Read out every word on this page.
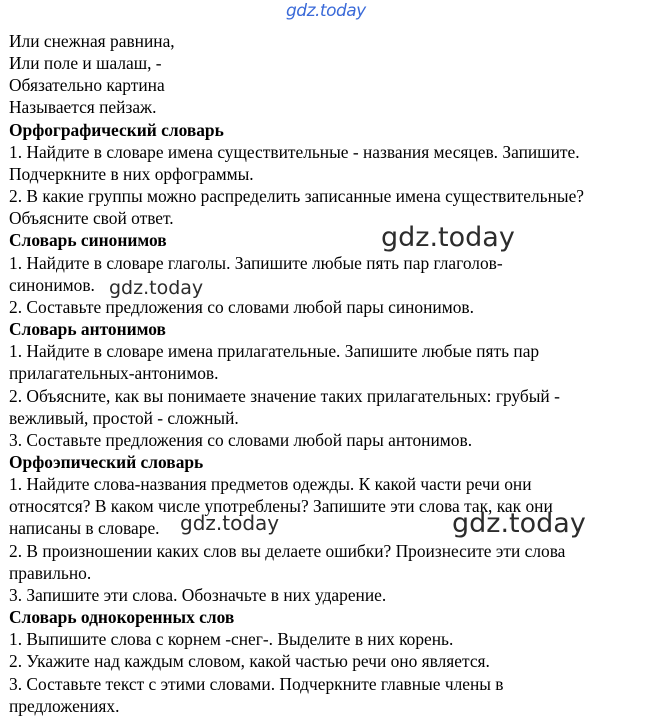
gdz.today
Или снежная равнина,
Или поле и шалаш, -
Обязательно картина
Называется пейзаж.
Орфографический словарь
1. Найдите в словаре имена существительные - названия месяцев. Запишите.
Подчеркните в них орфограммы.
2. В какие группы можно распределить записанные имена существительные?
Объясните свой ответ.
Словарь синонимов
1. Найдите в словаре глаголы. Запишите любые пять пар глаголов-
синонимов.
2. Составьте предложения со словами любой пары синонимов.
Словарь антонимов
1. Найдите в словаре имена прилагательные. Запишите любые пять пар
прилагательных-антонимов.
2. Объясните, как вы понимаете значение таких прилагательных: грубый -
вежливый, простой - сложный.
3. Составьте предложения со словами любой пары антонимов.
Орфоэпический словарь
1. Найдите слова-названия предметов одежды. К какой части речи они
относятся? В каком числе употреблены? Запишите эти слова так, как они
написаны в словаре.
2. В произношении каких слов вы делаете ошибки? Произнесите эти слова
правильно.
3. Запишите эти слова. Обозначьте в них ударение.
Словарь однокоренных слов
1. Выпишите слова с корнем -снег-. Выделите в них корень.
2. Укажите над каждым словом, какой частью речи оно является.
3. Составьте текст с этими словами. Подчеркните главные члены в
предложениях.
gdz.today
gdz.today
gdz.today	gdz.today
